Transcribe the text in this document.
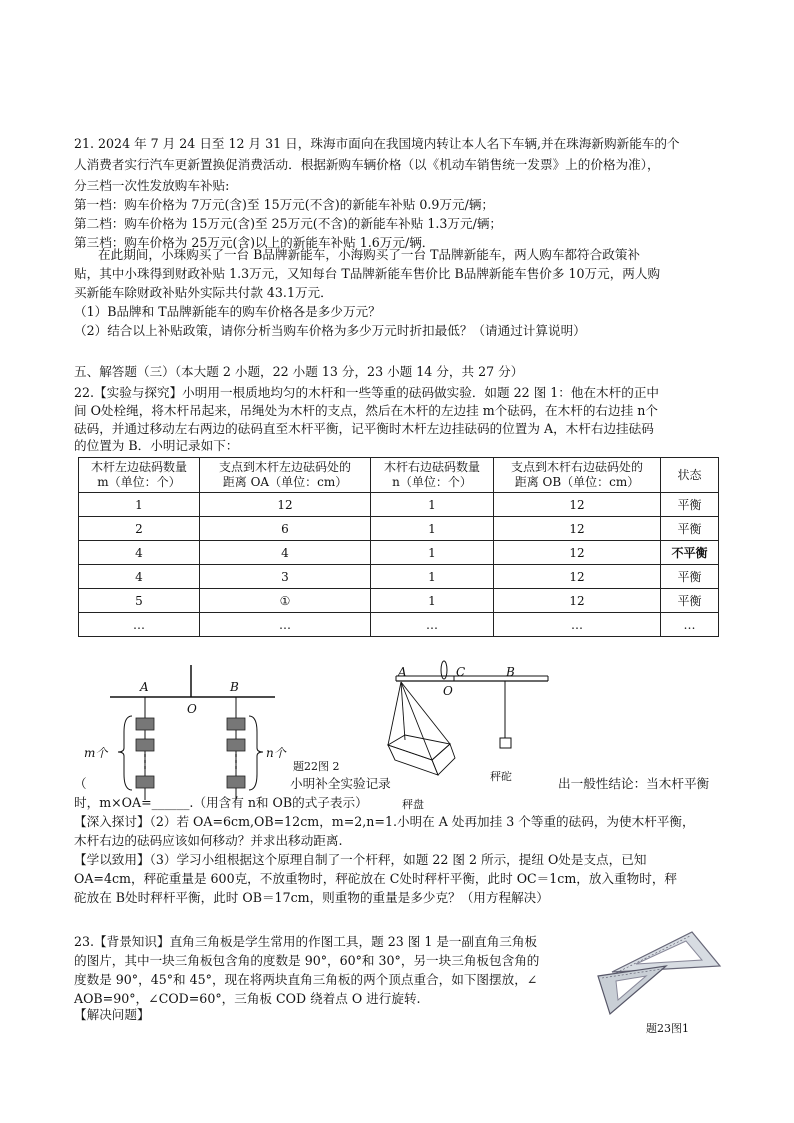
21. 2024 年 7 月 24 日至 12 月 31 日，珠海市面向在我国境内转让本人名下车辆,并在珠海新购新能车的个
人消费者实行汽车更新置换促消费活动．根据新购车辆价格（以《机动车销售统一发票》上的价格为准），
分三档一次性发放购车补贴:
第一档：购车价格为 7万元(含)至 15万元(不含)的新能车补贴 0.9万元/辆；
第二档：购车价格为 15万元(含)至 25万元(不含)的新能车补贴 1.3万元/辆；
第三档：购车价格为 25万元(含)以上的新能车补贴 1.6万元/辆．
在此期间，小珠购买了一台 B品牌新能车，小海购买了一台 T品牌新能车，两人购车都符合政策补
贴，其中小珠得到财政补贴 1.3万元，又知每台 T品牌新能车售价比 B品牌新能车售价多 10万元，两人购
买新能车除财政补贴外实际共付款 43.1万元．
（1）B品牌和 T品牌新能车的购车价格各是多少万元？
（2）结合以上补贴政策，请你分析当购车价格为多少万元时折扣最低？（请通过计算说明）
五、解答题（三）（本大题 2 小题，22 小题 13 分，23 小题 14 分，共 27 分）
22.【实验与探究】小明用一根质地均匀的木杆和一些等重的砝码做实验．如题 22 图 1：他在木杆的正中
间 O处栓绳，将木杆吊起来，吊绳处为木杆的支点，然后在木杆的左边挂 m个砝码，在木杆的右边挂 n个
砝码，并通过移动左右两边的砝码直至木杆平衡，记平衡时木杆左边挂砝码的位置为 A，木杆右边挂砝码
的位置为 B．小明记录如下：
木杆左边砝码数量
m（单位：个）	支点到木杆左边砝码处的
距离 OA（单位：cm）	木杆右边砝码数量
n（单位：个）	支点到木杆右边砝码处的
距离 OB（单位：cm）	状态
1	12	1	12	平衡
2	6	1	12	平衡
4	4	1	12	不平衡
4	3	1	12	平衡
5	①	1	12	平衡
…	…	…	…	…
A	B
O
m个	n个
题22图 2
A	C
O
B
秤砣
秤盘
（	小明补全实验记录	出一般性结论：当木杆平衡
时，m×OA=______.（用含有 n和 OB的式子表示）
【深入探讨】（2）若 OA=6cm,OB=12cm，m=2,n=1.小明在 A 处再加挂 3 个等重的砝码，为使木杆平衡，
木杆右边的砝码应该如何移动？并求出移动距离.
【学以致用】（3）学习小组根据这个原理自制了一个杆秤，如题 22 图 2 所示，提纽 O处是支点，已知
OA=4cm，秤砣重量是 600克，不放重物时，秤砣放在 C处时秤杆平衡，此时 OC＝1cm，放入重物时，秤
砣放在 B处时秤杆平衡，此时 OB＝17cm，则重物的重量是多少克？（用方程解决）
23.【背景知识】直角三角板是学生常用的作图工具，题 23 图 1 是一副直角三角板
的图片，其中一块三角板包含角的度数是 90°，60°和 30°，另一块三角板包含角的
度数是 90°，45°和 45°，现在将两块直角三角板的两个顶点重合，如下图摆放，∠
AOB=90°，∠COD=60°，三角板 COD 绕着点 O 进行旋转.
【解决问题】
题23图1
